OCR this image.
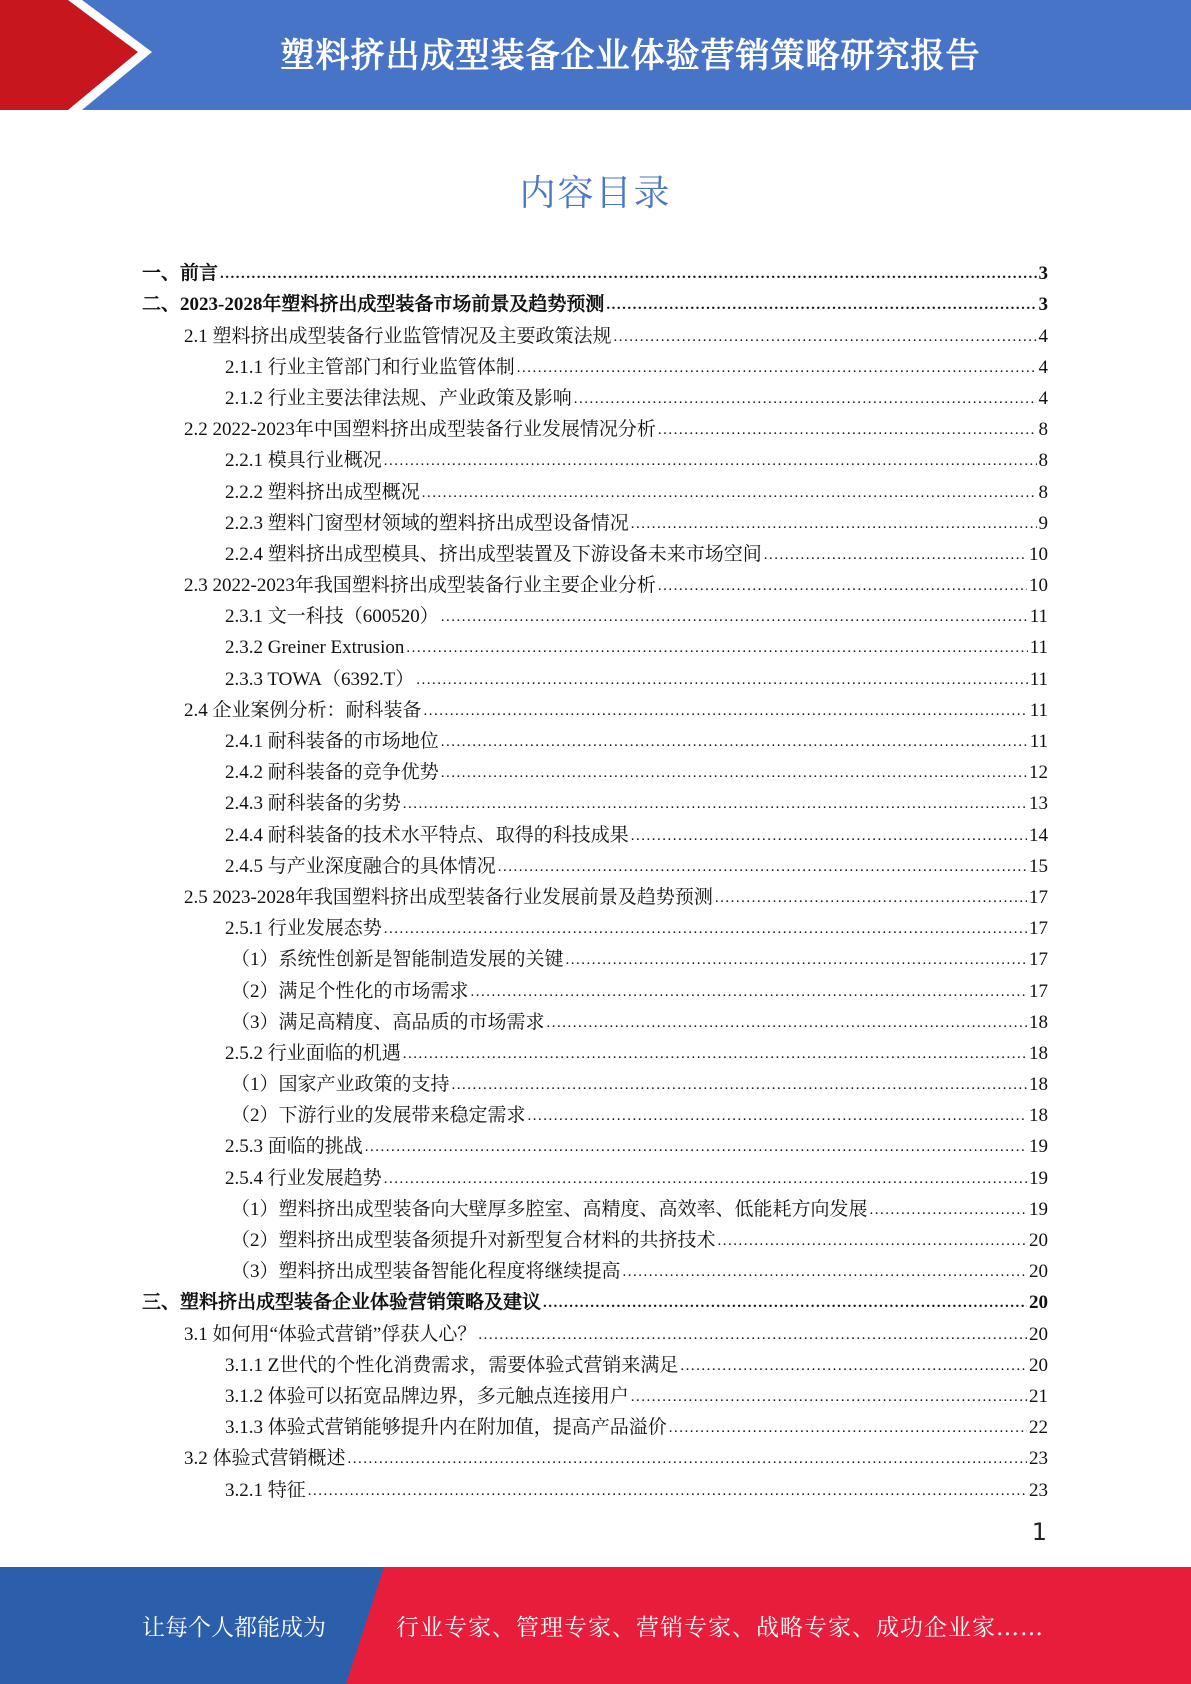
塑料挤出成型装备企业体验营销策略研究报告
内容目录
一、前言 .....	3
二、2023-2028年塑料挤出成型装备市场前景及趋势预测 .....	3
2.1 塑料挤出成型装备行业监管情况及主要政策法规 .....	4
2.1.1 行业主管部门和行业监管体制 .....	4
2.1.2 行业主要法律法规、产业政策及影响 .....	4
2.2 2022-2023年中国塑料挤出成型装备行业发展情况分析 .....	8
2.2.1 模具行业概况 .....	8
2.2.2 塑料挤出成型概况 .....	8
2.2.3 塑料门窗型材领域的塑料挤出成型设备情况 .....	9
2.2.4 塑料挤出成型模具、挤出成型装置及下游设备未来市场空间 .....	10
2.3 2022-2023年我国塑料挤出成型装备行业主要企业分析 .....	10
2.3.1 文一科技（600520） .....	11
2.3.2 Greiner Extrusion .....	11
2.3.3 TOWA（6392.T） .....	11
2.4 企业案例分析：耐科装备 .....	11
2.4.1 耐科装备的市场地位 .....	11
2.4.2 耐科装备的竞争优势 .....	12
2.4.3 耐科装备的劣势 .....	13
2.4.4 耐科装备的技术水平特点、取得的科技成果 .....	14
2.4.5 与产业深度融合的具体情况 .....	15
2.5 2023-2028年我国塑料挤出成型装备行业发展前景及趋势预测 .....	17
2.5.1 行业发展态势 .....	17
（1）系统性创新是智能制造发展的关键 .....	17
（2）满足个性化的市场需求 .....	17
（3）满足高精度、高品质的市场需求 .....	18
2.5.2 行业面临的机遇 .....	18
（1）国家产业政策的支持 .....	18
（2）下游行业的发展带来稳定需求 .....	18
2.5.3 面临的挑战 .....	19
2.5.4 行业发展趋势 .....	19
（1）塑料挤出成型装备向大壁厚多腔室、高精度、高效率、低能耗方向发展 .....	19
（2）塑料挤出成型装备须提升对新型复合材料的共挤技术 .....	20
（3）塑料挤出成型装备智能化程度将继续提高 .....	20
三、塑料挤出成型装备企业体验营销策略及建议 .....	20
3.1 如何用“体验式营销”俘获人心？ .....	20
3.1.1 Z世代的个性化消费需求，需要体验式营销来满足 .....	20
3.1.2 体验可以拓宽品牌边界，多元触点连接用户 .....	21
3.1.3 体验式营销能够提升内在附加值，提高产品溢价 .....	22
3.2 体验式营销概述 .....	23
3.2.1 特征 .....	23
1
让每个人都能成为	行业专家、管理专家、营销专家、战略专家、成功企业家……
